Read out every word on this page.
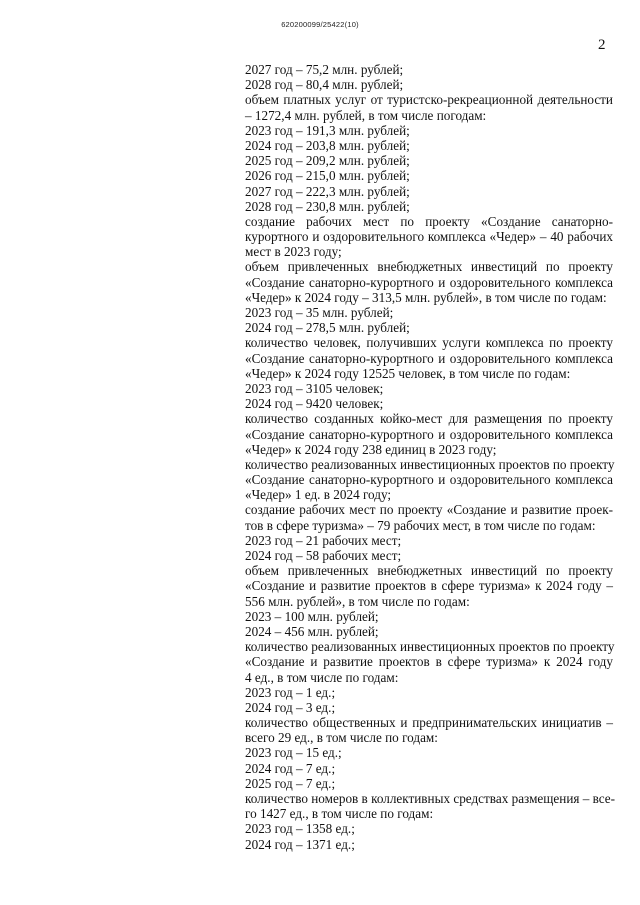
620200099/25422(10)
2
2027 год – 75,2 млн. рублей;
2028 год – 80,4 млн. рублей;
объем платных услуг от туристско-рекреационной деятельности
– 1272,4 млн. рублей, в том числе погодам:
2023 год – 191,3 млн. рублей;
2024 год – 203,8 млн. рублей;
2025 год – 209,2 млн. рублей;
2026 год – 215,0 млн. рублей;
2027 год – 222,3 млн. рублей;
2028 год – 230,8 млн. рублей;
создание рабочих мест по проекту «Создание санаторно-
курортного и оздоровительного комплекса «Чедер» – 40 рабочих
мест в 2023 году;
объем привлеченных внебюджетных инвестиций по проекту
«Создание санаторно-курортного и оздоровительного комплекса
«Чедер» к 2024 году – 313,5 млн. рублей», в том числе по годам:
2023 год – 35 млн. рублей;
2024 год – 278,5 млн. рублей;
количество человек, получивших услуги комплекса по проекту
«Создание санаторно-курортного и оздоровительного комплекса
«Чедер» к 2024 году 12525 человек, в том числе по годам:
2023 год – 3105 человек;
2024 год – 9420 человек;
количество созданных койко-мест для размещения по проекту
«Создание санаторно-курортного и оздоровительного комплекса
«Чедер» к 2024 году 238 единиц в 2023 году;
количество реализованных инвестиционных проектов по проекту
«Создание санаторно-курортного и оздоровительного комплекса
«Чедер» 1 ед. в 2024 году;
создание рабочих мест по проекту «Создание и развитие проек-
тов в сфере туризма» – 79 рабочих мест, в том числе по годам:
2023 год – 21 рабочих мест;
2024 год – 58 рабочих мест;
объем привлеченных внебюджетных инвестиций по проекту
«Создание и развитие проектов в сфере туризма» к 2024 году –
556 млн. рублей», в том числе по годам:
2023 – 100 млн. рублей;
2024 – 456 млн. рублей;
количество реализованных инвестиционных проектов по проекту
«Создание и развитие проектов в сфере туризма» к 2024 году
4 ед., в том числе по годам:
2023 год – 1 ед.;
2024 год – 3 ед.;
количество общественных и предпринимательских инициатив –
всего 29 ед., в том числе по годам:
2023 год – 15 ед.;
2024 год – 7 ед.;
2025 год – 7 ед.;
количество номеров в коллективных средствах размещения – все-
го 1427 ед., в том числе по годам:
2023 год – 1358 ед.;
2024 год – 1371 ед.;
